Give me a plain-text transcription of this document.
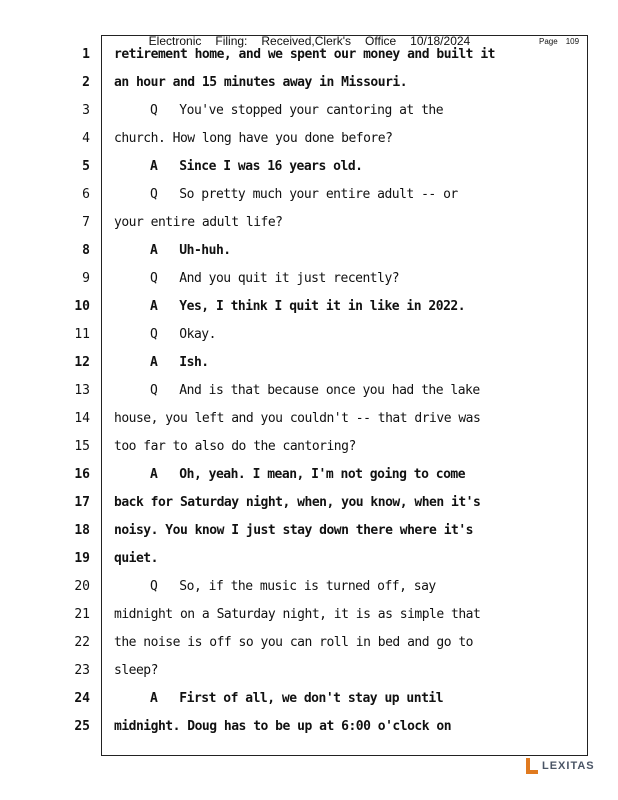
Electronic Filing: Received,Clerk's Office 10/18/2024	Page 109
1 retirement home, and we spent our money and built it
2 an hour and 15 minutes away in Missouri.
3	Q   You've stopped your cantoring at the
4 church. How long have you done before?
5	A   Since I was 16 years old.
6	Q   So pretty much your entire adult -- or
7 your entire adult life?
8	A   Uh-huh.
9	Q   And you quit it just recently?
10	A   Yes, I think I quit it in like in 2022.
11	Q   Okay.
12	A   Ish.
13	Q   And is that because once you had the lake
14 house, you left and you couldn't -- that drive was
15 too far to also do the cantoring?
16	A   Oh, yeah. I mean, I'm not going to come
17 back for Saturday night, when, you know, when it's
18 noisy. You know I just stay down there where it's
19 quiet.
20	Q   So, if the music is turned off, say
21 midnight on a Saturday night, it is as simple that
22 the noise is off so you can roll in bed and go to
23 sleep?
24	A   First of all, we don't stay up until
25 midnight. Doug has to be up at 6:00 o'clock on
LEXITAS
